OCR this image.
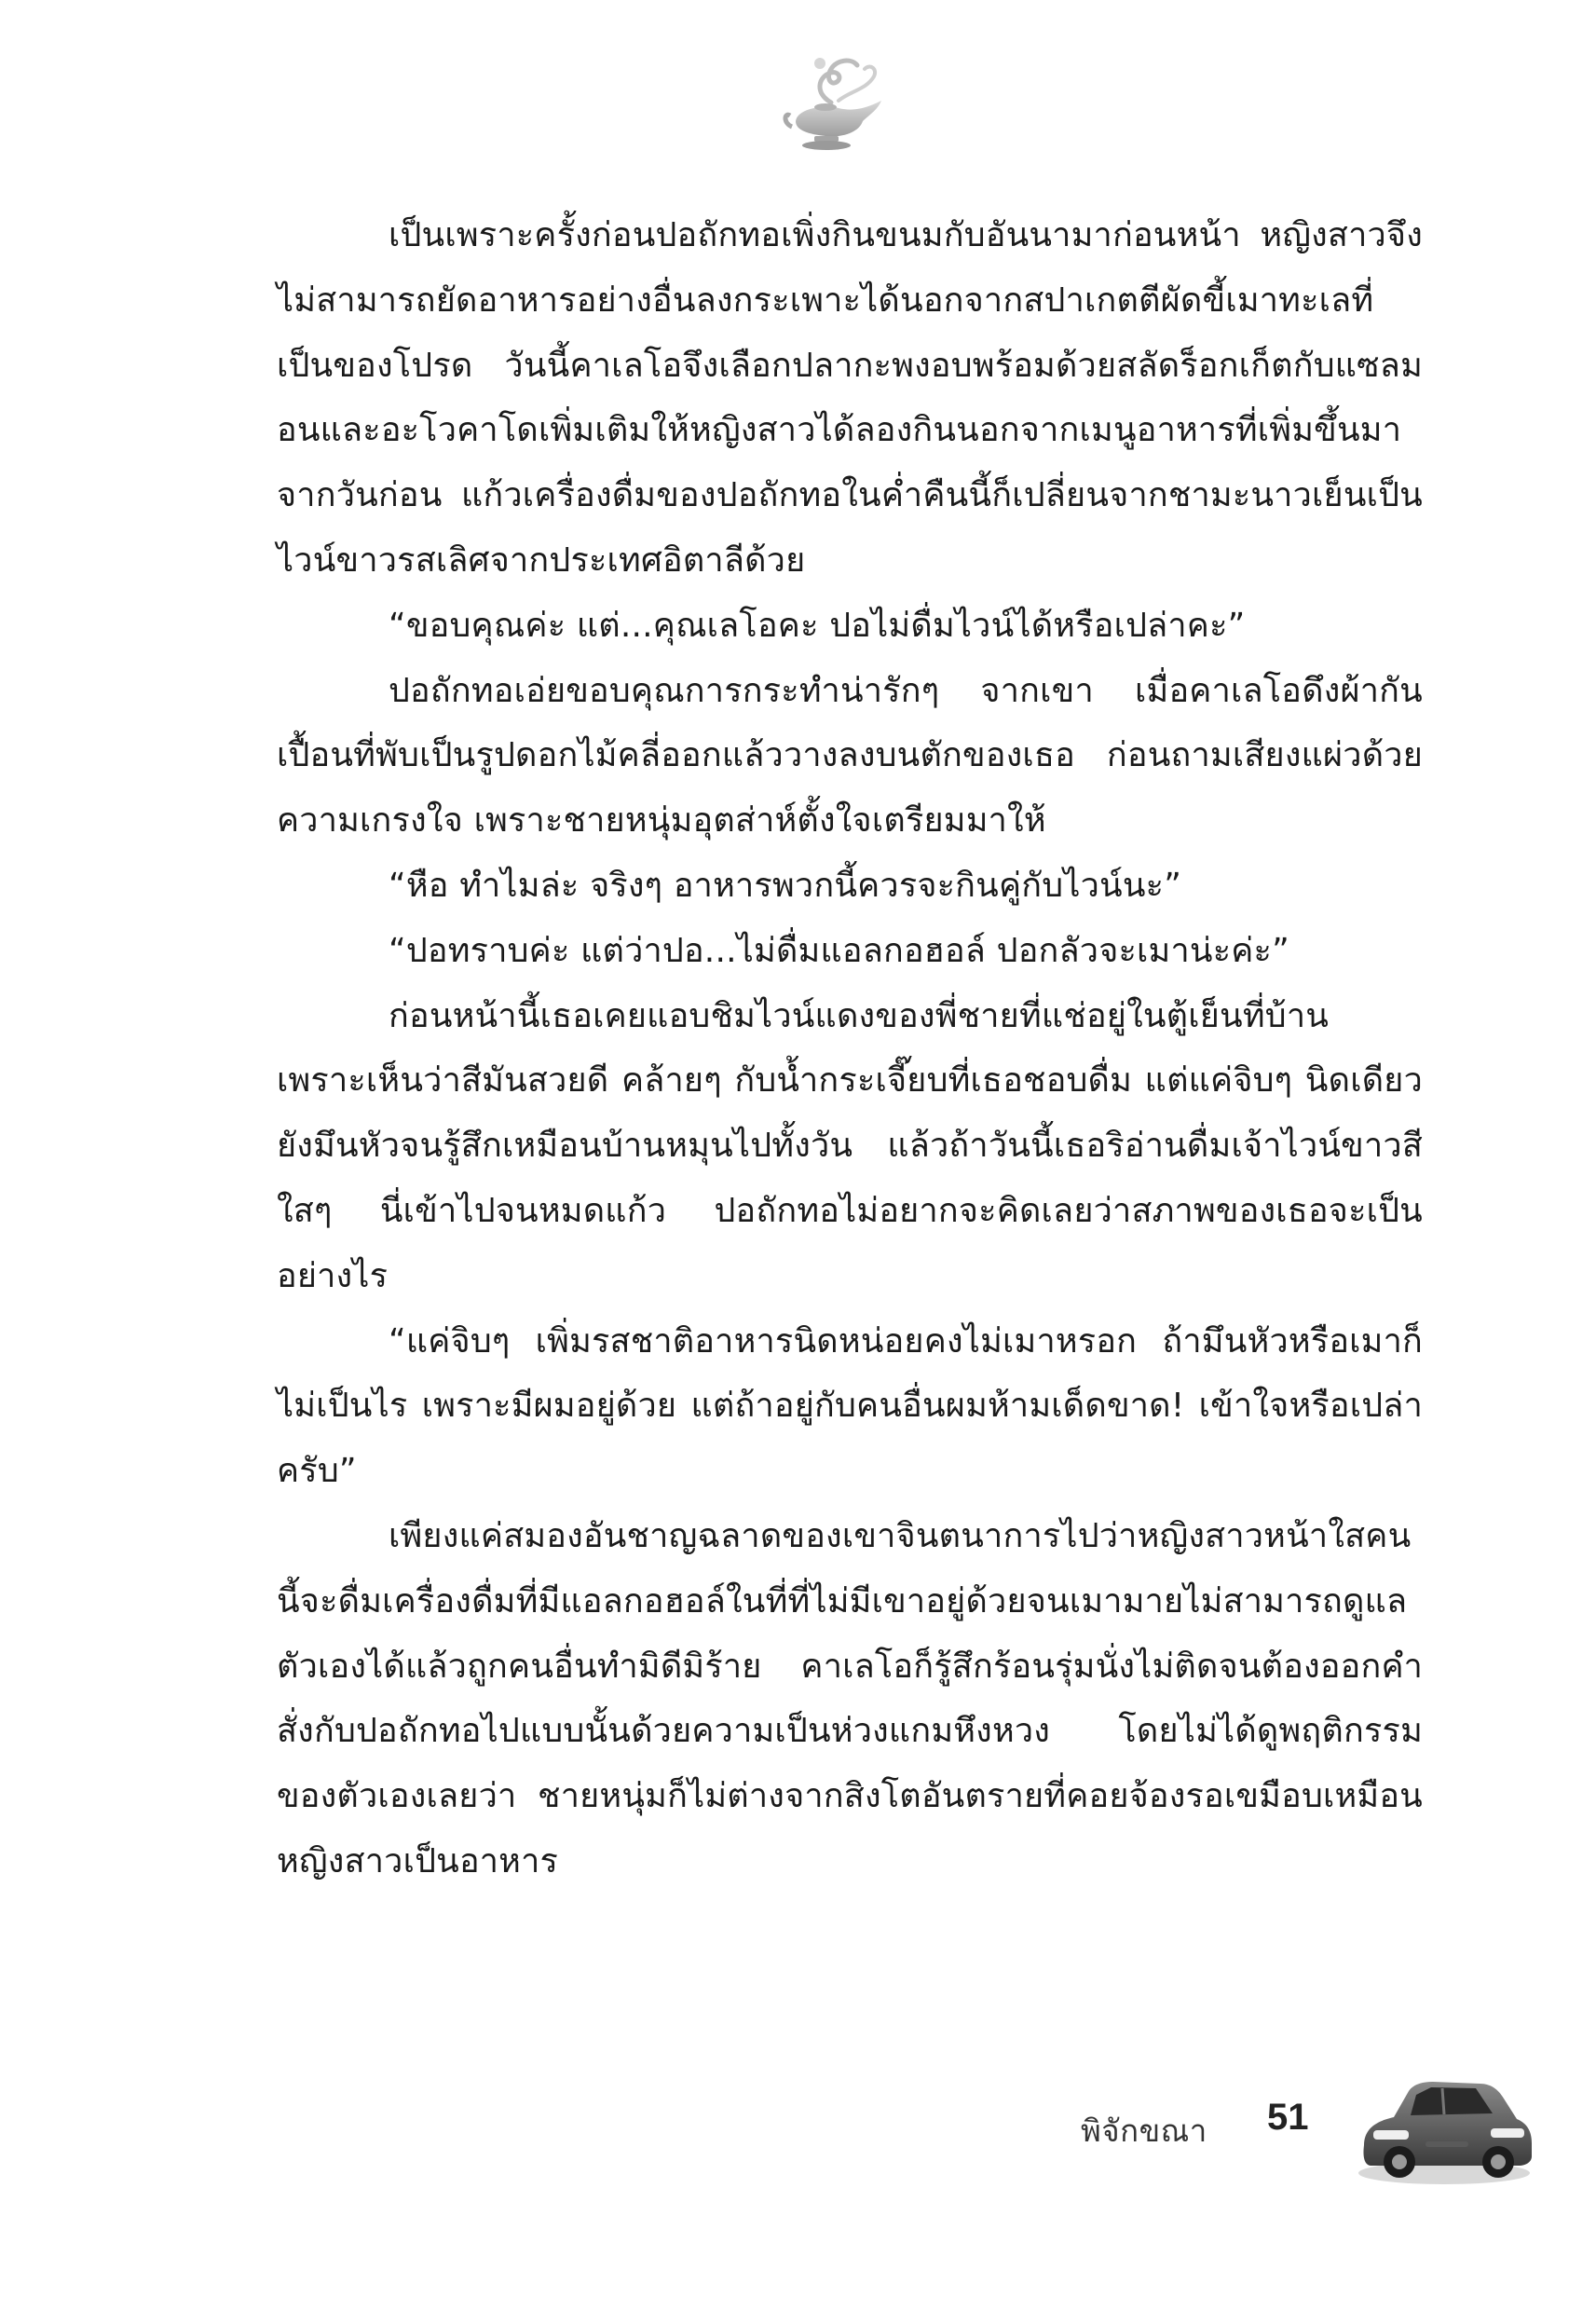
เป็นเพราะครั้งก่อนปอถักทอเพิ่งกินขนมกับอันนามาก่อนหน้า หญิงสาวจึงไม่สามารถยัดอาหารอย่างอื่นลงกระเพาะได้นอกจากสปาเกตตีผัดขี้เมาทะเลที่เป็นของโปรด วันนี้คาเลโอจึงเลือกปลากะพงอบพร้อมด้วยสลัดร็อกเก็ตกับแซลมอนและอะโวคาโดเพิ่มเติมให้หญิงสาวได้ลองกินนอกจากเมนูอาหารที่เพิ่มขึ้นมาจากวันก่อน แก้วเครื่องดื่มของปอถักทอในค่ำคืนนี้ก็เปลี่ยนจากชามะนาวเย็นเป็นไวน์ขาวรสเลิศจากประเทศอิตาลีด้วย

“ขอบคุณค่ะ แต่...คุณเลโอคะ ปอไม่ดื่มไวน์ได้หรือเปล่าคะ”

ปอถักทอเอ่ยขอบคุณการกระทำน่ารักๆ จากเขา เมื่อคาเลโอดึงผ้ากันเปื้อนที่พับเป็นรูปดอกไม้คลี่ออกแล้ววางลงบนตักของเธอ ก่อนถามเสียงแผ่วด้วยความเกรงใจ เพราะชายหนุ่มอุตส่าห์ตั้งใจเตรียมมาให้

“หือ ทำไมล่ะ จริงๆ อาหารพวกนี้ควรจะกินคู่กับไวน์นะ”

“ปอทราบค่ะ แต่ว่าปอ...ไม่ดื่มแอลกอฮอล์ ปอกลัวจะเมาน่ะค่ะ”

ก่อนหน้านี้เธอเคยแอบชิมไวน์แดงของพี่ชายที่แช่อยู่ในตู้เย็นที่บ้าน เพราะเห็นว่าสีมันสวยดี คล้ายๆ กับน้ำกระเจี๊ยบที่เธอชอบดื่ม แต่แค่จิบๆ นิดเดียวยังมึนหัวจนรู้สึกเหมือนบ้านหมุนไปทั้งวัน แล้วถ้าวันนี้เธอริอ่านดื่มเจ้าไวน์ขาวสีใสๆ นี่เข้าไปจนหมดแก้ว ปอถักทอไม่อยากจะคิดเลยว่าสภาพของเธอจะเป็นอย่างไร

“แค่จิบๆ เพิ่มรสชาติอาหารนิดหน่อยคงไม่เมาหรอก ถ้ามึนหัวหรือเมาก็ไม่เป็นไร เพราะมีผมอยู่ด้วย แต่ถ้าอยู่กับคนอื่นผมห้ามเด็ดขาด! เข้าใจหรือเปล่าครับ”

เพียงแค่สมองอันชาญฉลาดของเขาจินตนาการไปว่าหญิงสาวหน้าใสคนนี้จะดื่มเครื่องดื่มที่มีแอลกอฮอล์ในที่ที่ไม่มีเขาอยู่ด้วยจนเมามายไม่สามารถดูแลตัวเองได้แล้วถูกคนอื่นทำมิดีมิร้าย คาเลโอก็รู้สึกร้อนรุ่มนั่งไม่ติดจนต้องออกคำสั่งกับปอถักทอไปแบบนั้นด้วยความเป็นห่วงแกมหึงหวง โดยไม่ได้ดูพฤติกรรมของตัวเองเลยว่า ชายหนุ่มก็ไม่ต่างจากสิงโตอันตรายที่คอยจ้องรอเขมือบเหมือนหญิงสาวเป็นอาหาร

พิจักขณา 51
